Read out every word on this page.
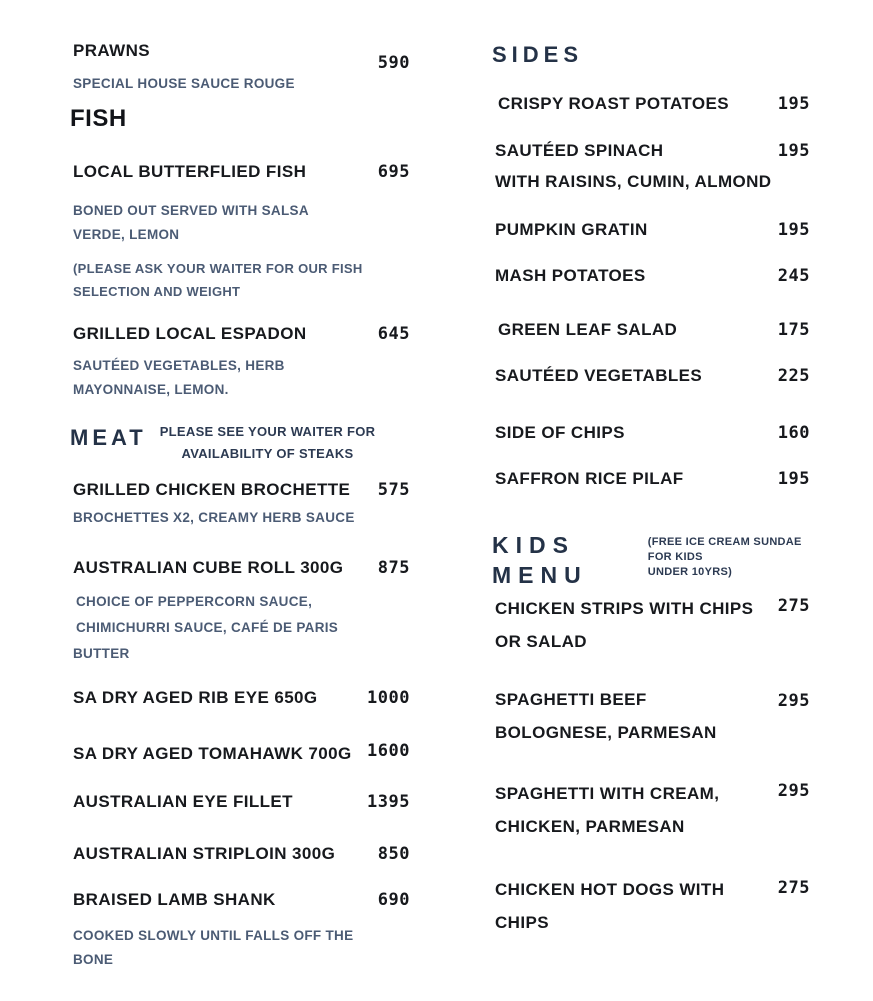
PRAWNS
590
SPECIAL HOUSE SAUCE ROUGE
FISH
LOCAL BUTTERFLIED FISH	695
BONED OUT SERVED WITH SALSA
VERDE, LEMON
(PLEASE ASK YOUR WAITER FOR OUR FISH
SELECTION AND WEIGHT
GRILLED LOCAL ESPADON	645
SAUTÉED VEGETABLES, HERB
MAYONNAISE, LEMON.
MEAT PLEASE SEE YOUR WAITER FOR
AVAILABILITY OF STEAKS
GRILLED CHICKEN BROCHETTE 575
BROCHETTES X2, CREAMY HERB SAUCE
AUSTRALIAN CUBE ROLL 300G 875
CHOICE OF PEPPERCORN SAUCE,
CHIMICHURRI SAUCE, CAFÉ DE PARIS
BUTTER
SA DRY AGED RIB EYE 650G	1000
SA DRY AGED TOMAHAWK 700G 1600
AUSTRALIAN EYE FILLET	1395
AUSTRALIAN STRIPLOIN 300G	850
BRAISED LAMB SHANK	690
COOKED SLOWLY UNTIL FALLS OFF THE
BONE
SIDES
CRISPY ROAST POTATOES	195
SAUTÉED SPINACH	195
WITH RAISINS, CUMIN, ALMOND
PUMPKIN GRATIN	195
MASH POTATOES	245
GREEN LEAF SALAD	175
SAUTÉED VEGETABLES	225
SIDE OF CHIPS	160
SAFFRON RICE PILAF	195
KIDS MENU
(FREE ICE CREAM SUNDAE FOR KIDS
UNDER 10YRS)
CHICKEN STRIPS WITH CHIPS
OR SALAD
275
SPAGHETTI BEEF
BOLOGNESE, PARMESAN
295
SPAGHETTI WITH CREAM,
CHICKEN, PARMESAN
295
CHICKEN HOT DOGS WITH
CHIPS
275
